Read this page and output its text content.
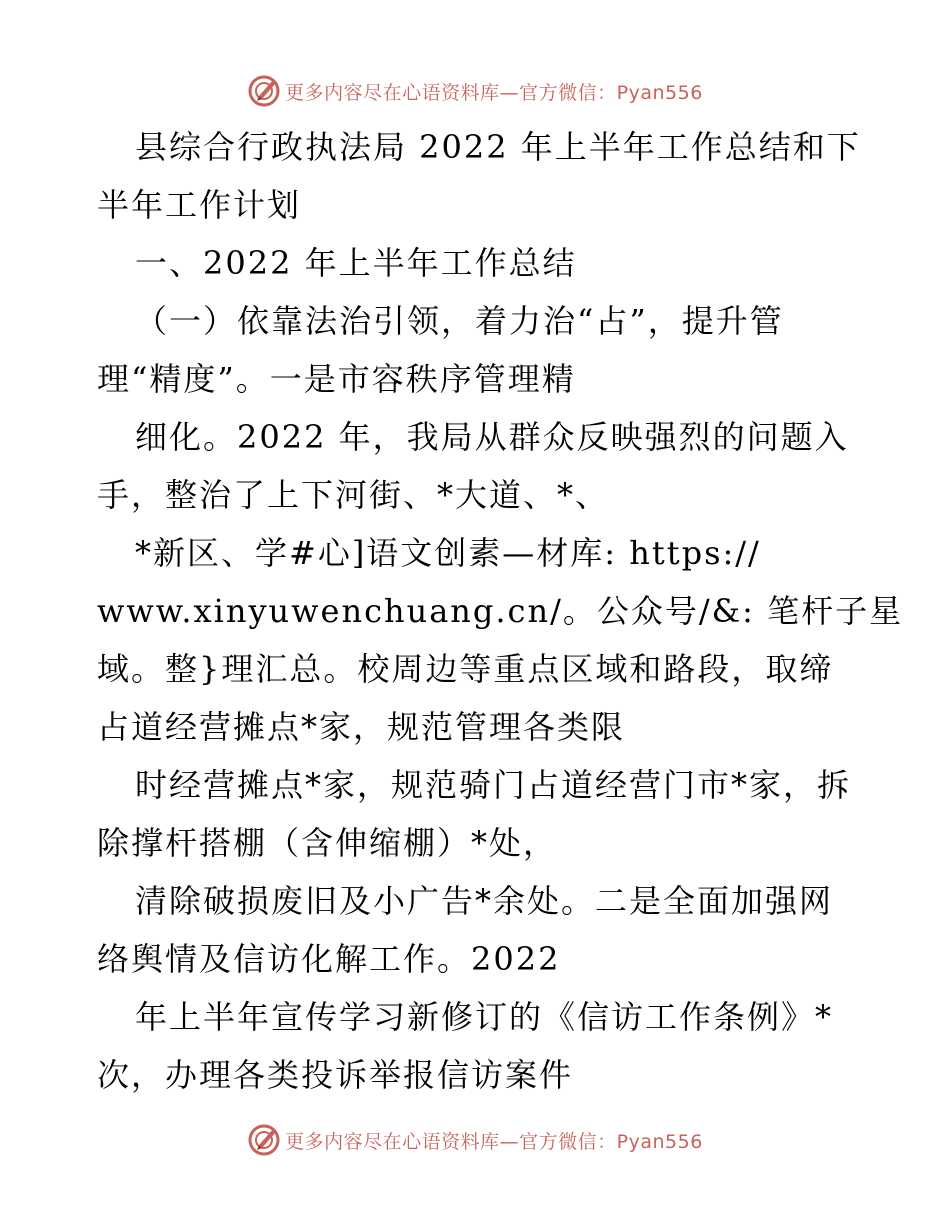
更多内容尽在心语资料库—官方微信：Pyan556
县综合行政执法局 2022 年上半年工作总结和下
半年工作计划
一、2022 年上半年工作总结
（一）依靠法治引领，着力治“占”，提升管
理“精度”。一是市容秩序管理精
细化。2022 年，我局从群众反映强烈的问题入
手，整治了上下河街、*大道、*、
*新区、学#心]语文创素—材库: https://
www.xinyuwenchuang.cn/。公众号/&: 笔杆子星
域。整}理汇总。校周边等重点区域和路段，取缔
占道经营摊点*家，规范管理各类限
时经营摊点*家，规范骑门占道经营门市*家，拆
除撑杆搭棚（含伸缩棚）*处，
清除破损废旧及小广告*余处。二是全面加强网
络舆情及信访化解工作。2022
年上半年宣传学习新修订的《信访工作条例》*
次，办理各类投诉举报信访案件
更多内容尽在心语资料库—官方微信：Pyan556
